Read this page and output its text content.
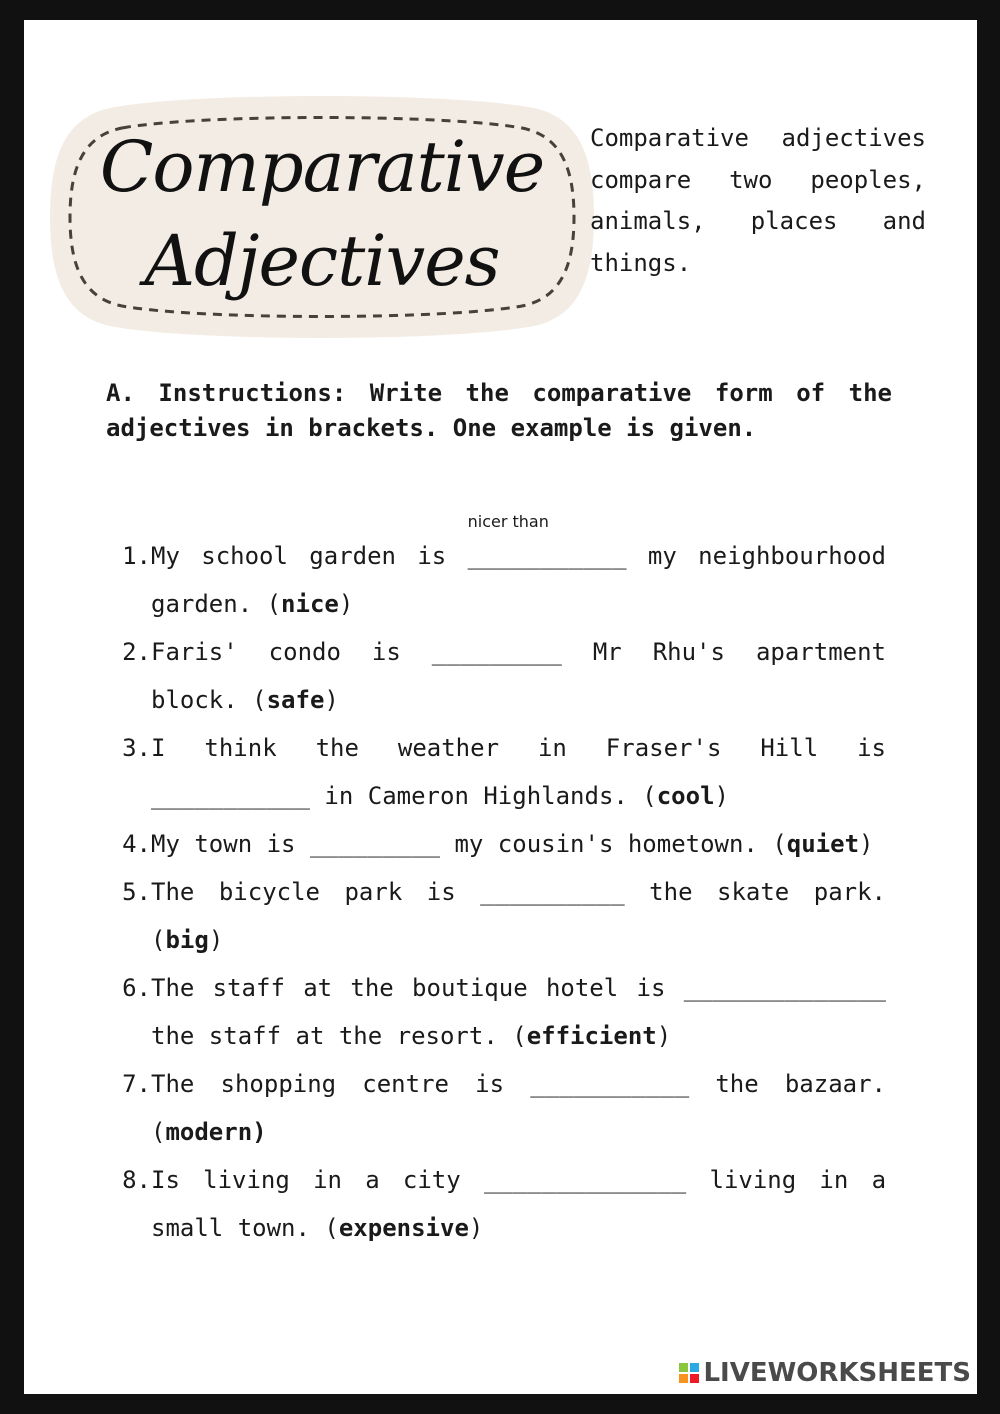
Comparative
Adjectives

Comparative adjectives compare two peoples, animals, places and things.

A. Instructions: Write the comparative form of the adjectives in brackets. One example is given.

1. My school garden is
nicer than
___________ my neighbourhood garden. (nice)
2. Faris' condo is
_________ Mr Rhu's apartment block. (safe)
3. I think the weather in Fraser's Hill is
___________ in Cameron Highlands. (cool)
4. My town is
_________ my cousin's hometown. (quiet)
5. The bicycle park is
__________ the skate park. (big)
6. The staff at the boutique hotel is
______________ the staff at the resort. (efficient)
7. The shopping centre is
___________ the bazaar. (modern)
8. Is living in a city
______________ living in a small town. (expensive)
LIVEWORKSHEETS
